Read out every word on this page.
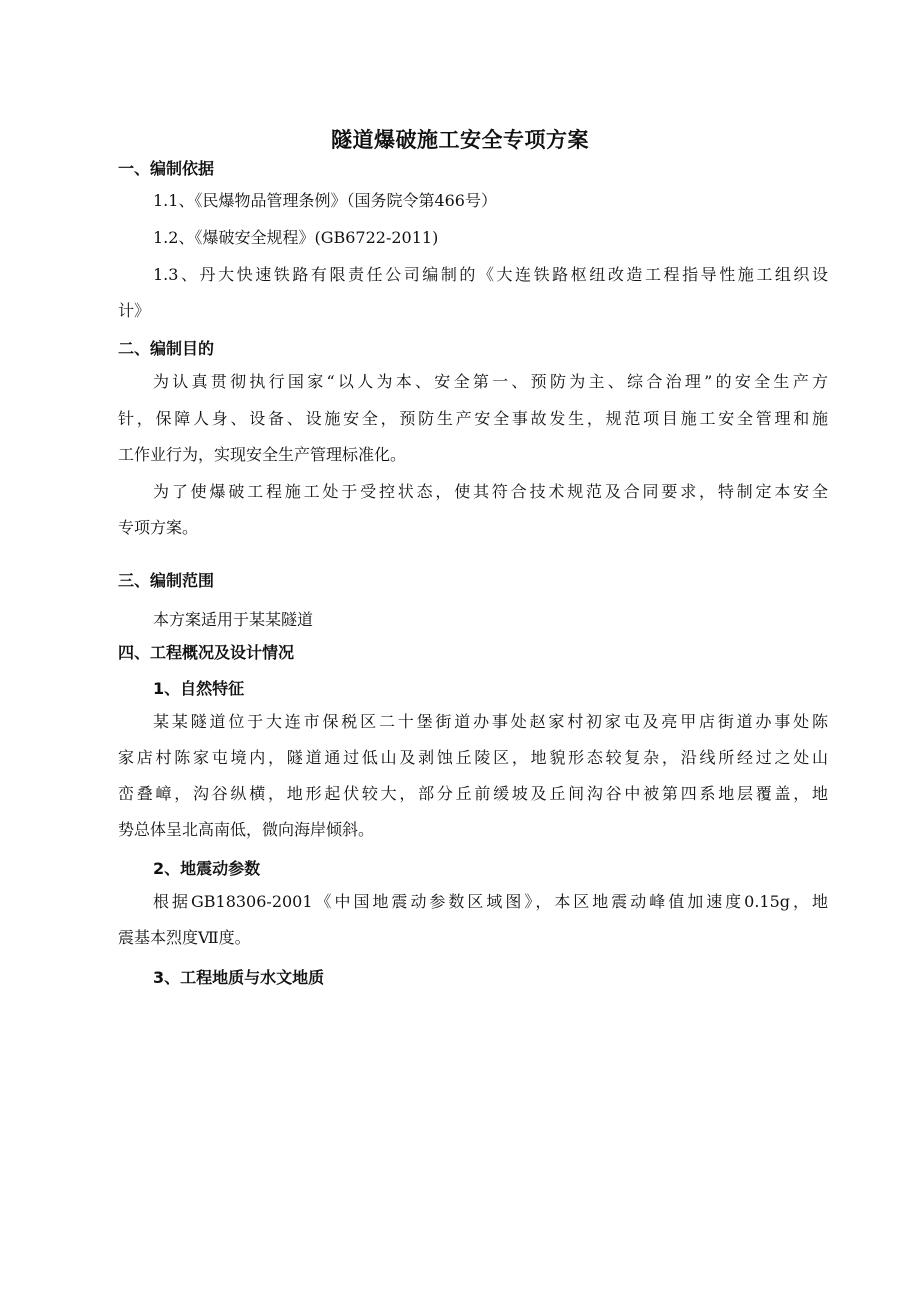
隧道爆破施工安全专项方案
一、编制依据
1.1、《民爆物品管理条例》（国务院令第466号）
1.2、《爆破安全规程》(GB6722-2011)
1.3、丹大快速铁路有限责任公司编制的《大连铁路枢纽改造工程指导性施工组织设
计》
二、编制目的
为认真贯彻执行国家“以人为本、安全第一、预防为主、综合治理”的安全生产方
针，保障人身、设备、设施安全，预防生产安全事故发生，规范项目施工安全管理和施
工作业行为，实现安全生产管理标准化。
为了使爆破工程施工处于受控状态，使其符合技术规范及合同要求，特制定本安全
专项方案。
三、编制范围
本方案适用于某某隧道
四、工程概况及设计情况
1、自然特征
某某隧道位于大连市保税区二十堡街道办事处赵家村初家屯及亮甲店街道办事处陈
家店村陈家屯境内，隧道通过低山及剥蚀丘陵区，地貌形态较复杂，沿线所经过之处山
峦叠嶂，沟谷纵横，地形起伏较大，部分丘前缓坡及丘间沟谷中被第四系地层覆盖，地
势总体呈北高南低，微向海岸倾斜。
2、地震动参数
根据GB18306-2001《中国地震动参数区域图》，本区地震动峰值加速度0.15g，地
震基本烈度Ⅶ度。
3、工程地质与水文地质
